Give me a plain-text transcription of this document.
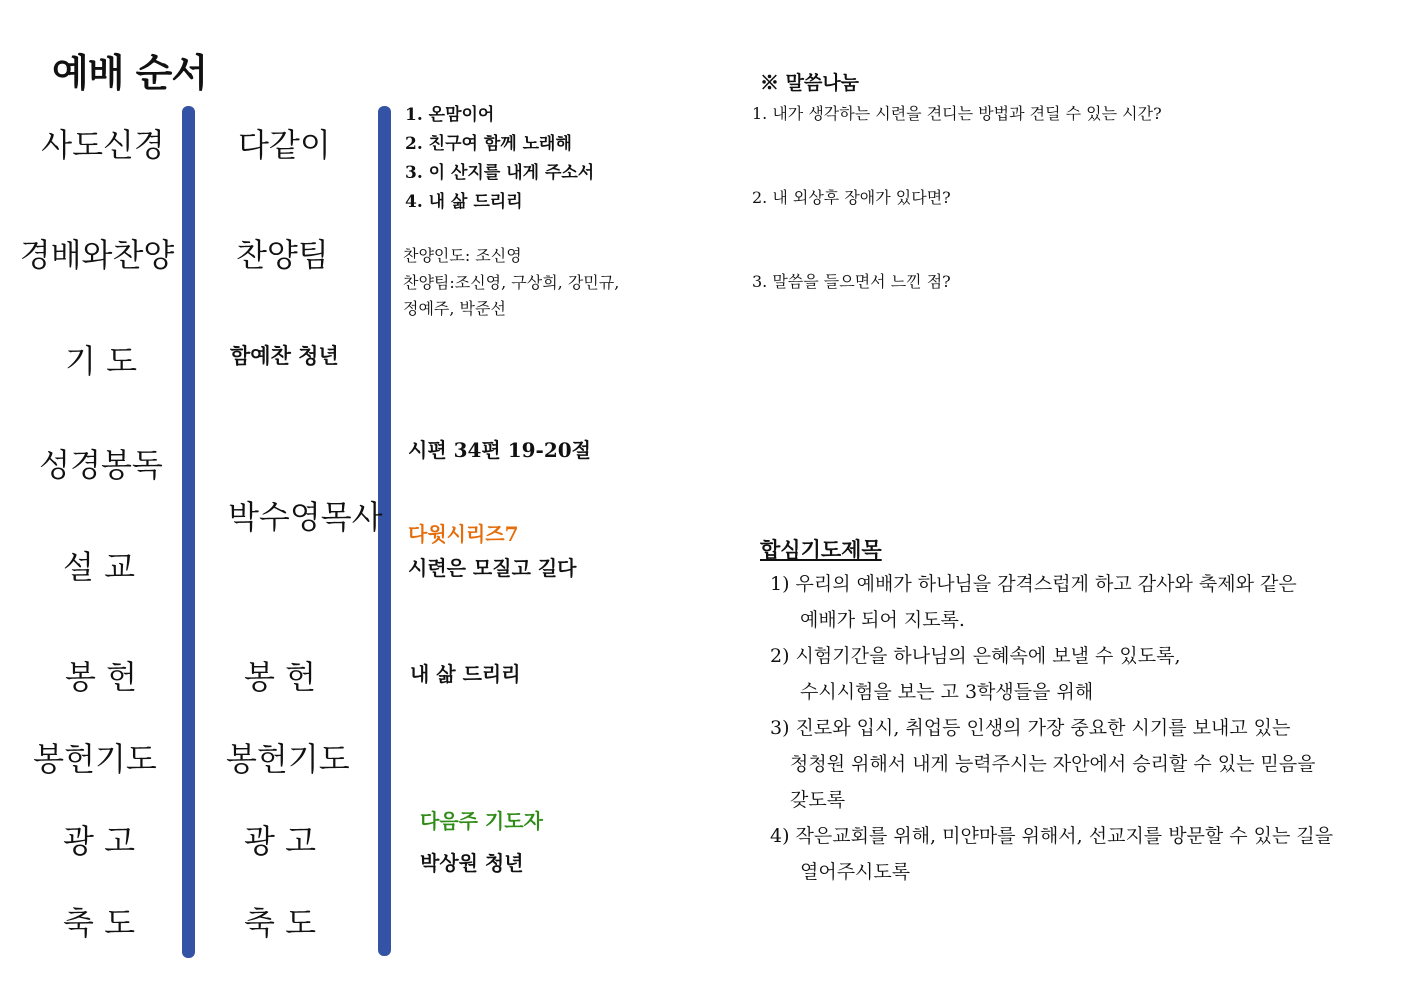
예배 순서
사도신경
경배와찬양
기 도
성경봉독
설 교
봉 헌
봉헌기도
광 고
축 도
다같이
찬양팀
함예찬 청년
박수영목사
봉 헌
봉헌기도
광 고
축 도
1. 온맘이어
2. 친구여 함께 노래해
3. 이 산지를 내게 주소서
4. 내 삶 드리리
찬양인도: 조신영
찬양팀:조신영, 구상희, 강민규,
정예주, 박준선
시편 34편 19-20절
다윗시리즈7
시련은 모질고 길다
내 삶 드리리
다음주 기도자
박상원 청년
※ 말씀나눔
1. 내가 생각하는 시련을 견디는 방법과 견딜 수 있는 시간?
2. 내 외상후 장애가 있다면?
3. 말씀을 들으면서 느낀 점?
합심기도제목
1) 우리의 예배가 하나님을 감격스럽게 하고 감사와 축제와 같은
예배가 되어 지도록.
2) 시험기간을 하나님의 은혜속에 보낼 수 있도록,
수시시험을 보는 고 3학생들을 위해
3) 진로와 입시, 취업등 인생의 가장 중요한 시기를 보내고 있는
청청원 위해서 내게 능력주시는 자안에서 승리할 수 있는 믿음을
갖도록
4) 작은교회를 위해, 미얀마를 위해서, 선교지를 방문할 수 있는 길을
열어주시도록
